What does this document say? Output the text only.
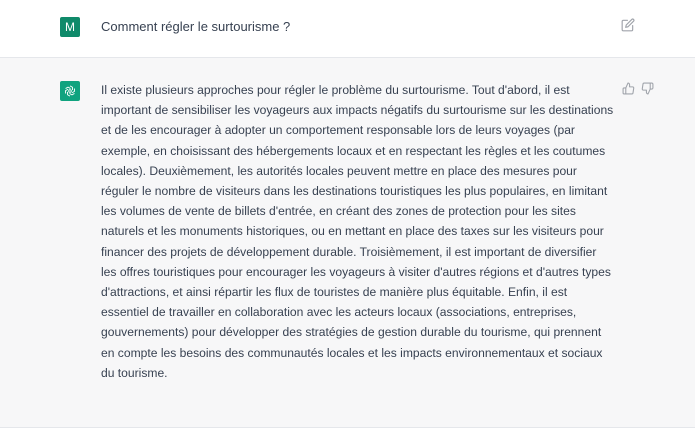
M Comment régler le surtourisme ?

Il existe plusieurs approches pour régler le problème du surtourisme. Tout d'abord, il est important de sensibiliser les voyageurs aux impacts négatifs du surtourisme sur les destinations et de les encourager à adopter un comportement responsable lors de leurs voyages (par exemple, en choisissant des hébergements locaux et en respectant les règles et les coutumes locales). Deuxièmement, les autorités locales peuvent mettre en place des mesures pour réguler le nombre de visiteurs dans les destinations touristiques les plus populaires, en limitant les volumes de vente de billets d'entrée, en créant des zones de protection pour les sites naturels et les monuments historiques, ou en mettant en place des taxes sur les visiteurs pour financer des projets de développement durable. Troisièmement, il est important de diversifier les offres touristiques pour encourager les voyageurs à visiter d'autres régions et d'autres types d'attractions, et ainsi répartir les flux de touristes de manière plus équitable. Enfin, il est essentiel de travailler en collaboration avec les acteurs locaux (associations, entreprises, gouvernements) pour développer des stratégies de gestion durable du tourisme, qui prennent en compte les besoins des communautés locales et les impacts environnementaux et sociaux du tourisme.
